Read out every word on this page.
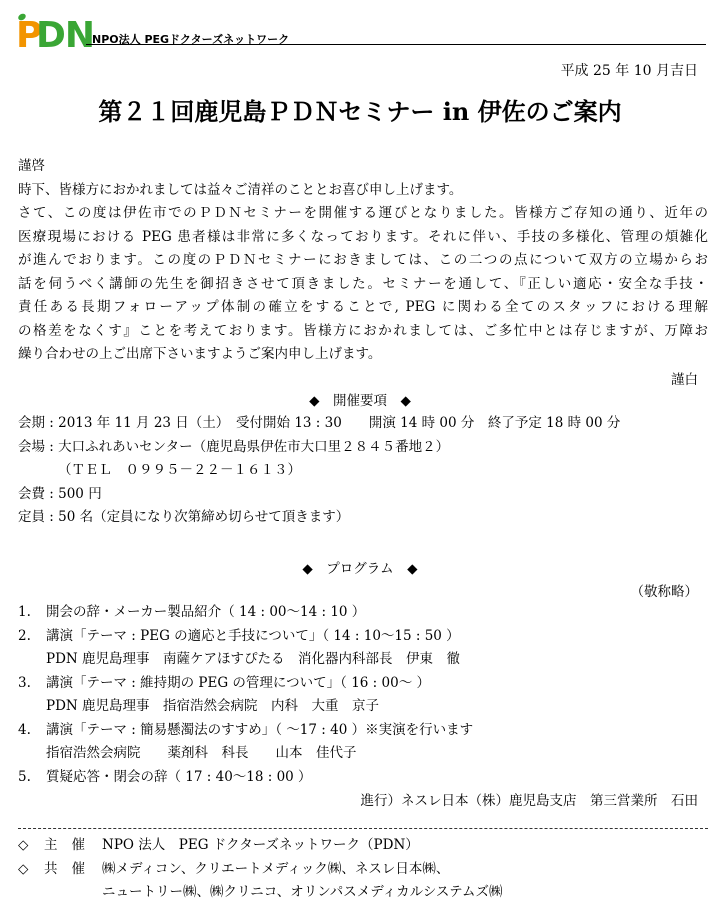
P
DN
NPO法人 PEGドクターズネットワーク
平成 25 年 10 月吉日
第２１回鹿児島ＰＤＮセミナー in 伊佐のご案内

謹啓

時下、皆様方におかれましては益々ご清祥のこととお喜び申し上げます。

さて、この度は伊佐市でのＰＤＮセミナーを開催する運びとなりました。皆様方ご存知の通り、近年の

医療現場における PEG 患者様は非常に多くなっております。それに伴い、手技の多様化、管理の煩雑化

が進んでおります。この度のＰＤＮセミナーにおきましては、この二つの点について双方の立場からお

話を伺うべく講師の先生を御招きさせて頂きました。セミナーを通して、『正しい適応・安全な手技・

責任ある長期フォローアップ体制の確立をすることで, PEG に関わる全てのスタッフにおける理解

の格差をなくす』ことを考えております。皆様方におかれましては、ご多忙中とは存じますが、万障お

繰り合わせの上ご出席下さいますようご案内申し上げます。

謹白
◆　開催要項　◆
会期 : 2013 年 11 月 23 日（土）　受付開始 13 : 30　　開演 14 時 00 分　終了予定 18 時 00 分
会場 : 大口ふれあいセンター（鹿児島県伊佐市大口里２８４５番地２）
（ＴＥＬ　０９９５－２２－１６１３）
会費 : 500 円
定員 : 50 名（定員になり次第締め切らせて頂きます）
◆　プログラム　◆
（敬称略）
1.	開会の辞・メーカー製品紹介（ 14 : 00～14 : 10 ）
2.	講演「テーマ : PEG の適応と手技について」（ 14 : 10～15 : 50 ）
PDN 鹿児島理事　南薩ケアほすぴたる　消化器内科部長　伊東　徹
3.	講演「テーマ : 維持期の PEG の管理について」（ 16 : 00～ ）
PDN 鹿児島理事　指宿浩然会病院　内科　大重　京子
4.	講演「テーマ : 簡易懸濁法のすすめ」（ ～17 : 40 ）※実演を行います
指宿浩然会病院　　薬剤科　科長　　山本　佳代子
5.	質疑応答・閉会の辞（ 17 : 40～18 : 00 ）
進行）ネスレ日本（株）鹿児島支店　第三営業所　石田
◇	主催 NPO 法人　PEG ドクターズネットワーク（PDN）
◇	共催 ㈱メディコン、クリエートメディック㈱、ネスレ日本㈱、
ニュートリー㈱、㈱クリニコ、オリンパスメディカルシステムズ㈱
